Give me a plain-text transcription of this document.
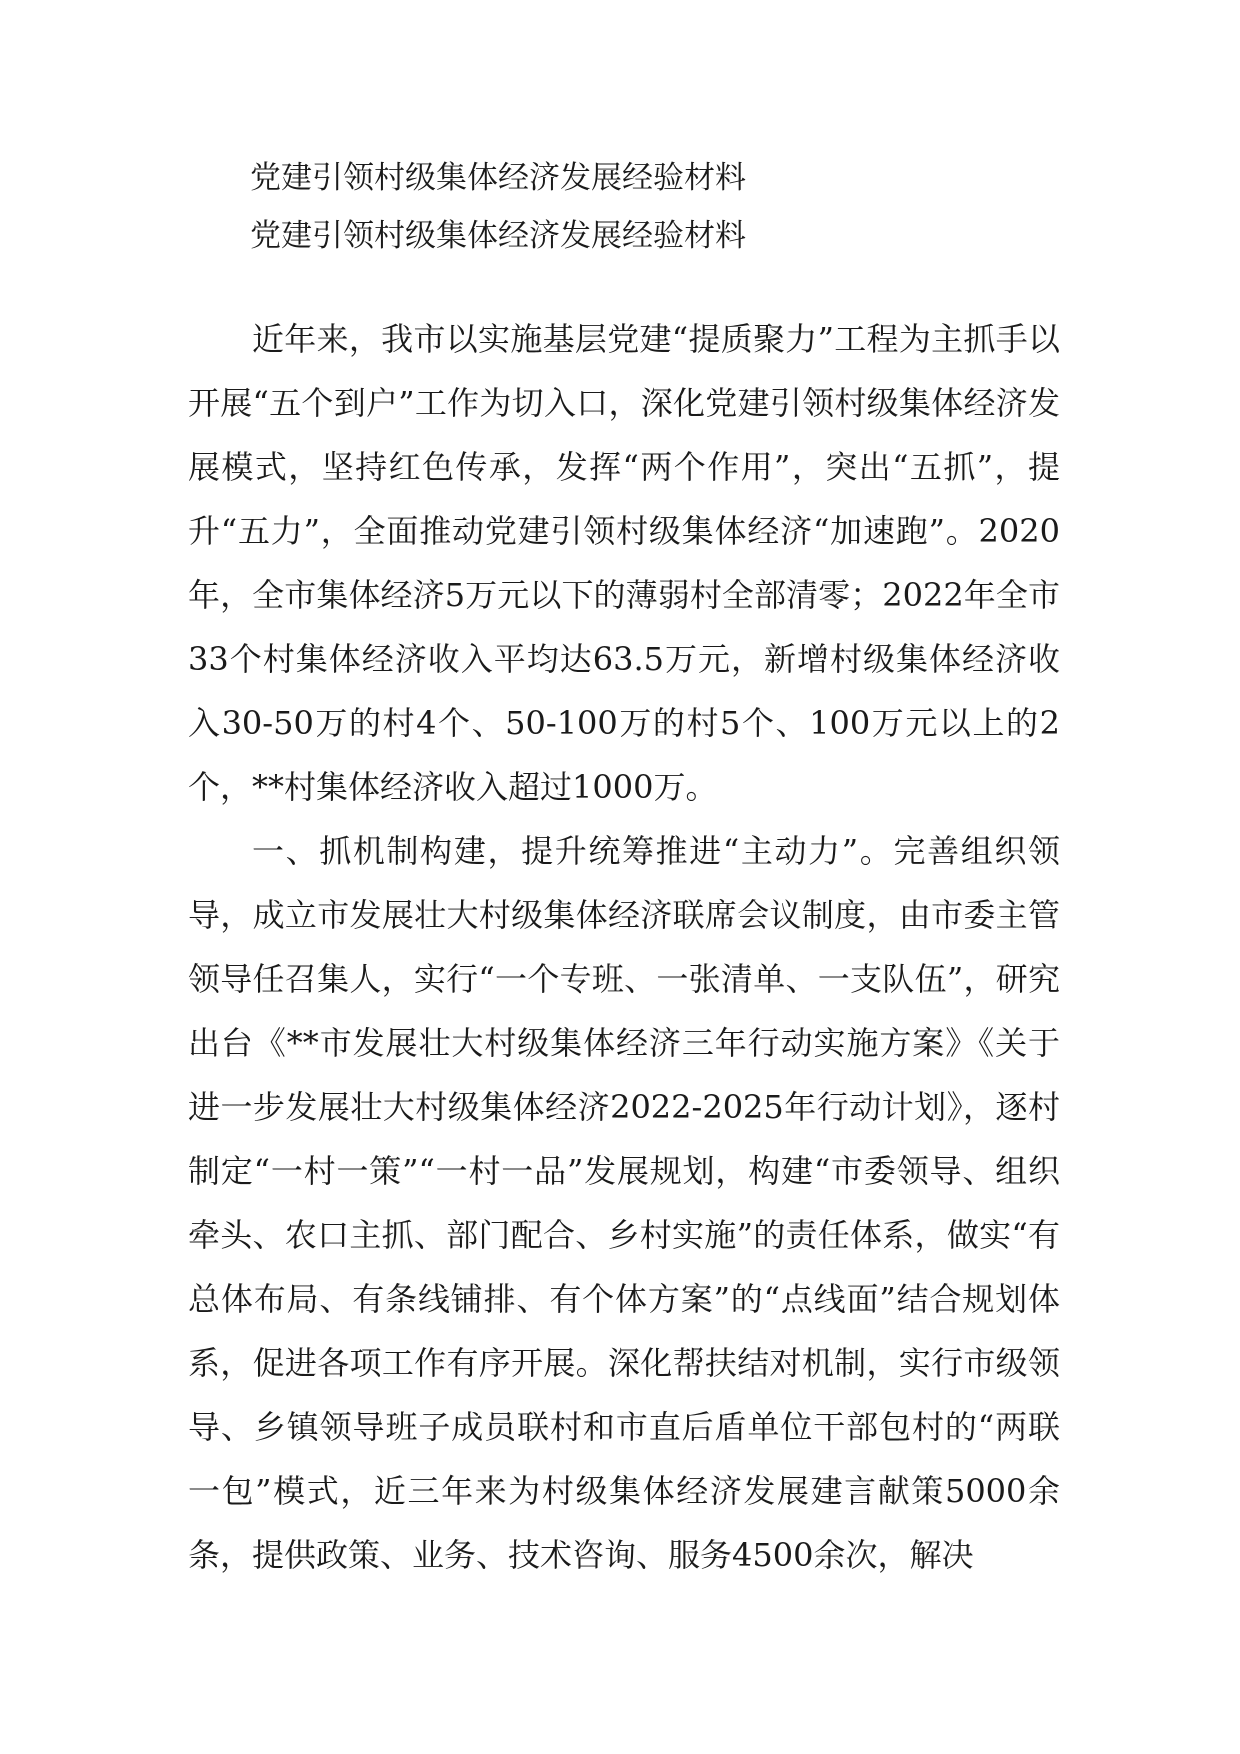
党建引领村级集体经济发展经验材料
党建引领村级集体经济发展经验材料

近年来，我市以实施基层党建“提质聚力”工程为主抓手以开展“五个到户”工作为切入口，深化党建引领村级集体经济发展模式，坚持红色传承，发挥“两个作用”，突出“五抓”，提升“五力”，全面推动党建引领村级集体经济“加速跑”。2020年，全市集体经济5万元以下的薄弱村全部清零；2022年全市33个村集体经济收入平均达63.5万元，新增村级集体经济收入30-50万的村4个、50-100万的村5个、100万元以上的2个，**村集体经济收入超过1000万。

一、抓机制构建，提升统筹推进“主动力”。完善组织领导，成立市发展壮大村级集体经济联席会议制度，由市委主管领导任召集人，实行“一个专班、一张清单、一支队伍”，研究出台《**市发展壮大村级集体经济三年行动实施方案》《关于进一步发展壮大村级集体经济2022-2025年行动计划》，逐村制定“一村一策”“一村一品”发展规划，构建“市委领导、组织牵头、农口主抓、部门配合、乡村实施”的责任体系，做实“有总体布局、有条线铺排、有个体方案”的“点线面”结合规划体系，促进各项工作有序开展。深化帮扶结对机制，实行市级领导、乡镇领导班子成员联村和市直后盾单位干部包村的“两联一包”模式，近三年来为村级集体经济发展建言献策5000余条，提供政策、业务、技术咨询、服务4500余次，解决
